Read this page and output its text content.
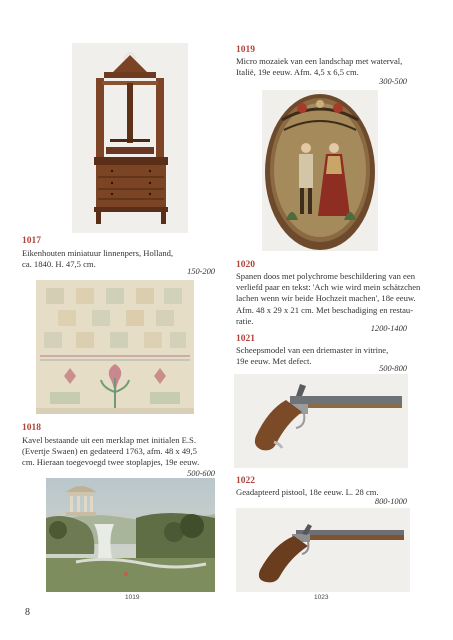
1017
Eikenhouten miniatuur linnenpers, Holland,
ca. 1840. H. 47,5 cm.
150-200
1018
Kavel bestaande uit een merklap met initialen E.S.
(Evertje Swaen) en gedateerd 1763, afm. 48 x 49,5
cm. Hieraan toegevoegd twee stoplapjes, 19e eeuw.
500-600
1019
8
1019
Micro mozaiek van een landschap met waterval,
Italië, 19e eeuw. Afm. 4,5 x 6,5 cm.
300-500
1020
Spanen doos met polychrome beschildering van een
verliefd paar en tekst: 'Ach wie wird mein schätzchen
lachen wenn wir beide Hochzeit machen', 18e eeuw.
Afm. 48 x 29 x 21 cm. Met beschadiging en restau-
ratie.
1200-1400
1021
Scheepsmodel van een driemaster in vitrine,
19e eeuw. Met defect.
500-800
1022
Geadapteerd pistool, 18e eeuw. L. 28 cm.
800-1000
1023
